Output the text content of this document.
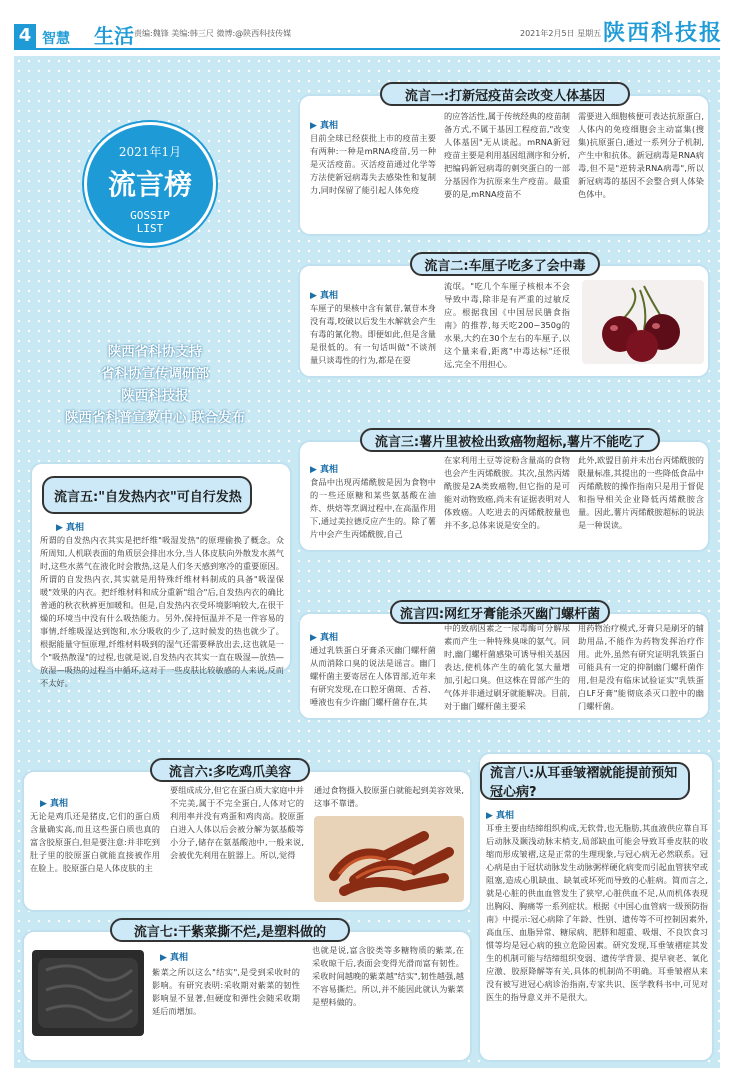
4 智慧 生活 责编:魏锋 美编:韩三尺 微博:@陕西科技传媒	2021年2月5日 星期五 陕西科技报
2021年1月
流言榜
GOSSIP
LIST
陕西省科协支持
省科协宣传调研部
陕西科技报
陕西省科普宣教中心 联合发布
流言一:打新冠疫苗会改变人体基因
▶ 真相
目前全球已经获批上市的疫苗主要有两种:一种是mRNA疫苗,另一种是灭活疫苗。灭活疫苗通过化学等方法使新冠病毒失去感染性和复制力,同时保留了能引起人体免疫
的应答活性,属于传统经典的疫苗制备方式,不属于基因工程疫苗,"改变人体基因"无从谈起。mRNA新冠疫苗主要是利用基因组测序和分析,把编码新冠病毒的刺突蛋白的一部分基因作为抗原来生产疫苗。最重要的是,mRNA疫苗不
需要进入细胞核便可表达抗原蛋白,人体内的免疫细胞会主动富集(搜集)抗原蛋白,通过一系列分子机制,产生中和抗体。新冠病毒是RNA病毒,但不是"逆转录RNA病毒",所以新冠病毒的基因不会整合到人体染色体中。
流言二:车厘子吃多了会中毒
▶ 真相
车厘子的果核中含有氰苷,氰苷本身没有毒,咬破以后发生水解就会产生有毒的氰化物。即便如此,但是含量是很低的。有一句话叫做"不谈剂量只谈毒性的行为,都是在耍
流氓。"吃几个车厘子核根本不会导致中毒,除非是有严重的过敏反应。根据我国《中国居民膳食指南》的推荐,每天吃200~350g的水果,大约在30个左右的车厘子,以这个量来看,距离"中毒达标"还很远,完全不用担心。
流言三:薯片里被检出致癌物超标,薯片不能吃了
▶ 真相
食品中出现丙烯酰胺是因为食物中的一些还原糖和某些氨基酸在油炸、烘焙等烹调过程中,在高温作用下,通过美拉德反应产生的。除了薯片中会产生丙烯酰胺,自己
在家利用土豆等淀粉含量高的食物也会产生丙烯酰胺。其次,虽然丙烯酰胺是2A类致癌物,但它指的是可能对动物致癌,尚未有证据表明对人体致癌。人吃进去的丙烯酰胺量也并不多,总体来说是安全的。
此外,欧盟目前并未出台丙烯酰胺的限量标准,其提出的一些降低食品中丙烯酰胺的操作指南只是用于督促和指导相关企业降低丙烯酰胺含量。因此,薯片丙烯酰胺超标的说法是一种误读。
流言五:"自发热内衣"可自行发热
▶ 真相
所谓的自发热内衣其实是把纤维"吸湿发热"的原理偷换了概念。众所周知,人机联表面的角质层会排出水分,当人体皮肤向外散发水蒸气时,这些水蒸气在液化时会散热,这是人们冬天感到寒冷的重要原因。所谓的自发热内衣,其实就是用特殊纤维材料制成的具备"吸湿保暖"效果的内衣。把纤维材料和成分重新"组合"后,自发热内衣的确比普通的秋衣秋裤更加暖和。但是,自发热内衣受环境影响较大,在很干燥的环境当中没有什么吸热能力。另外,保持恒温并不是一件容易的事情,纤维吸湿达到饱和,水分吸收的少了,这时候发的热也就少了。根据能量守恒原理,纤维材料吸到的湿气还需要释放出去,这也就是一个"吸热散湿"的过程,也就是说,自发热内衣其实一直在吸湿—放热—放湿—吸热的过程当中循环,这对于一些皮肤比较敏感的人来说,反而不太好。
流言四:网红牙膏能杀灭幽门螺杆菌
▶ 真相
通过乳铁蛋白牙膏杀灭幽门螺杆菌从而消除口臭的说法是谣言。幽门螺杆菌主要寄居在人体胃部,近年来有研究发现,在口腔牙菌斑、舌苔、唾液也有少许幽门螺杆菌存在,其
中的致病因素之一尿毒酶可分解尿素而产生一种特殊臭味的氨气。同时,幽门螺杆菌感染可诱导相关基因表达,使机体产生的硫化氢大量增加,引起口臭。但这株在胃部产生的气体并非通过刷牙就能解决。目前,对于幽门螺杆菌主要采
用药物治疗模式,牙膏只是刷牙的辅助用品,不能作为药物发挥治疗作用。此外,虽然有研究证明乳铁蛋白可能具有一定的抑制幽门螺杆菌作用,但是没有临床试验证实"乳铁蛋白LF牙膏"能彻底杀灭口腔中的幽门螺杆菌。
流言六:多吃鸡爪美容
▶ 真相
无论是鸡爪还是猪皮,它们的蛋白质含量确实高,而且这些蛋白质也真的富含胶原蛋白,但是要注意:并非吃到肚子里的胶原蛋白就能直接被作用在脸上。胶原蛋白是人体皮肤的主
要组成成分,但它在蛋白质大家庭中并不完美,属于不完全蛋白,人体对它的利用率并没有鸡蛋和鸡肉高。胶原蛋白进入人体以后会被分解为氨基酸等小分子,储存在氨基酸池中,一般来说,会被优先利用在脏器上。所以,觉得
通过食物摄入胶原蛋白就能起到美容效果,这事不靠谱。
流言七:干紫菜撕不烂,是塑料做的
▶ 真相
紫菜之所以这么"结实",是受到采收时的影响。有研究表明:采收期对紫菜的韧性影响显不显著,但硬度和弹性会随采收期延后而增加。
也就是说,富含胶类等多糖物质的紫菜,在采收晾干后,表面会变得光滑而富有韧性。采收时间越晚的紫菜越"结实",韧性越强,越不容易撕烂。所以,并不能因此就认为紫菜是塑料做的。
流言八:从耳垂皱褶就能提前预知冠心病?
▶ 真相
耳垂主要由结缔组织构成,无软骨,也无脂肪,其血液供应靠自耳后动脉及颞浅动脉末梢支,局部缺血可能会导致耳垂皮肤的收缩而形成皱褶,这是正常的生理现象,与冠心病无必然联系。冠心病是由于冠状动脉发生动脉粥样硬化病变而引起血管狭窄或阻塞,造成心肌缺血、缺氧或坏死而导致的心脏病。简而言之,就是心脏的供血血管发生了狭窄,心脏供血不足,从而机体表现出胸闷、胸痛等一系列症状。根据《中国心血管病一级预防指南》中提示:冠心病除了年龄、性别、遗传等不可控制因素外,高血压、血脂异常、糖尿病、肥胖和超重、吸烟、不良饮食习惯等均是冠心病的独立危险因素。研究发现,耳垂皱褶症其发生的机制可能与结缔组织变弱、遗传学背景、提早衰老、氧化应激、胶原降解等有关,具体的机制尚不明确。耳垂皱褶从来没有被写进冠心病诊治指南,专家共识、医学教科书中,可见对医生的指导意义并不是很大。
